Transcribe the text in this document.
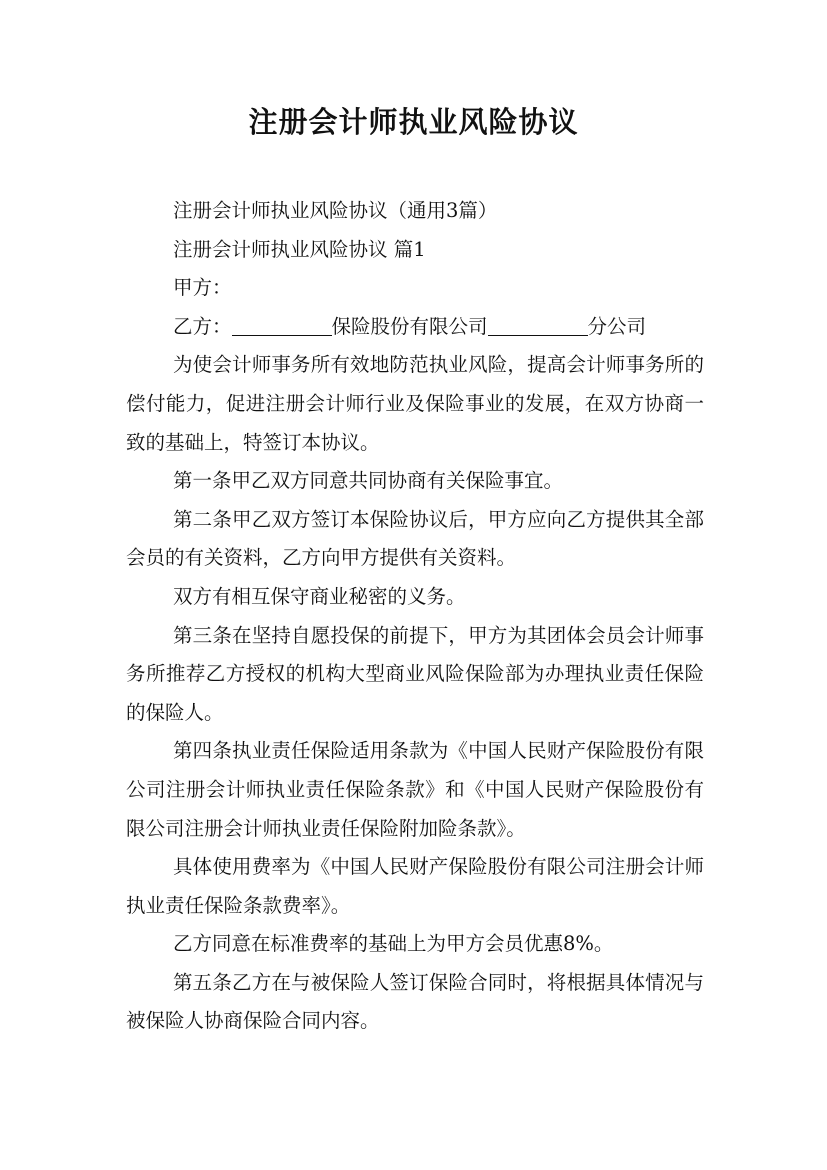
注册会计师执业风险协议

注册会计师执业风险协议（通用3篇）

注册会计师执业风险协议 篇1

甲方：

乙方：	保险股份有限公司	分公司

为使会计师事务所有效地防范执业风险，提高会计师事务所的偿付能力，促进注册会计师行业及保险事业的发展，在双方协商一致的基础上，特签订本协议。

第一条甲乙双方同意共同协商有关保险事宜。

第二条甲乙双方签订本保险协议后，甲方应向乙方提供其全部会员的有关资料，乙方向甲方提供有关资料。

双方有相互保守商业秘密的义务。

第三条在坚持自愿投保的前提下，甲方为其团体会员会计师事务所推荐乙方授权的机构大型商业风险保险部为办理执业责任保险的保险人。

第四条执业责任保险适用条款为《中国人民财产保险股份有限公司注册会计师执业责任保险条款》和《中国人民财产保险股份有限公司注册会计师执业责任保险附加险条款》。

具体使用费率为《中国人民财产保险股份有限公司注册会计师执业责任保险条款费率》。

乙方同意在标准费率的基础上为甲方会员优惠8%。

第五条乙方在与被保险人签订保险合同时，将根据具体情况与被保险人协商保险合同内容。
